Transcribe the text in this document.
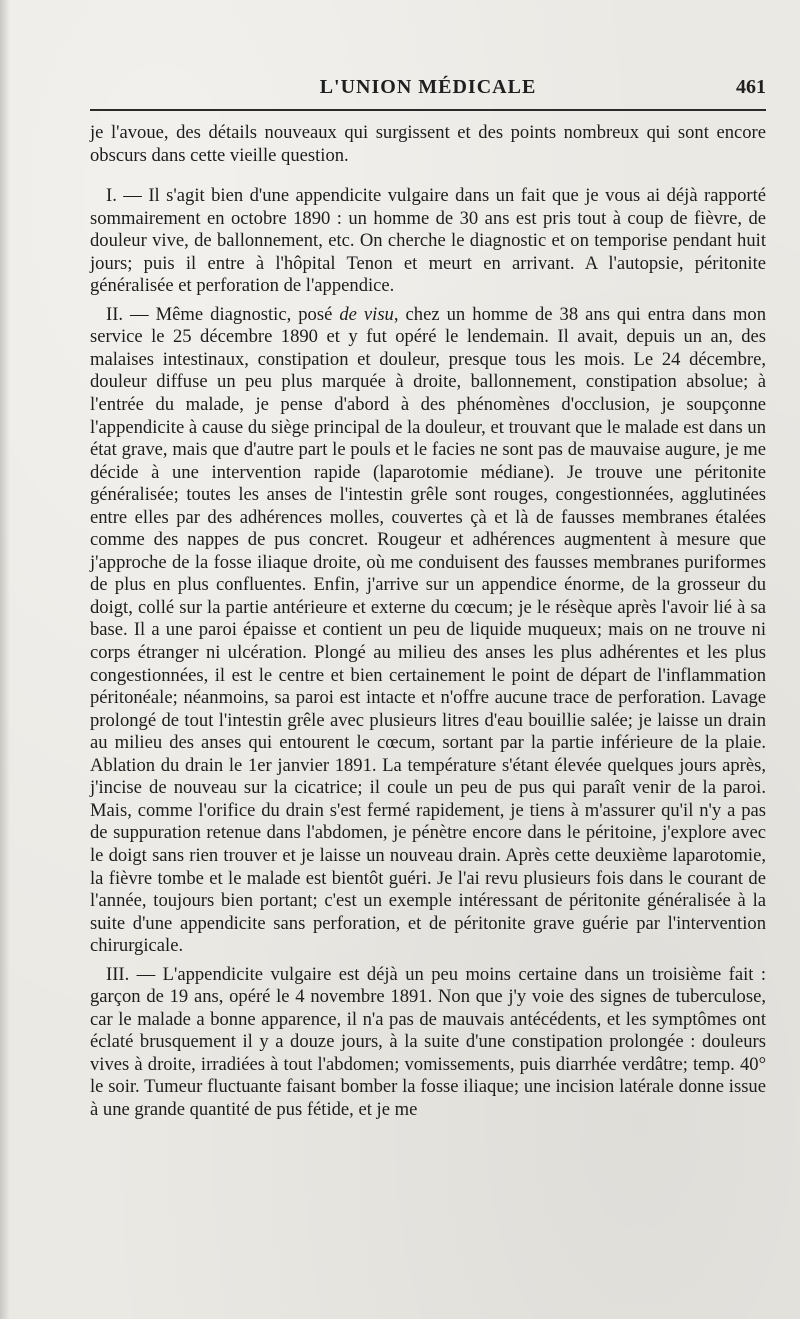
L'UNION MÉDICALE	461

je l'avoue, des détails nouveaux qui surgissent et des points nombreux qui sont encore obscurs dans cette vieille question.

I. — Il s'agit bien d'une appendicite vulgaire dans un fait que je vous ai déjà rapporté sommairement en octobre 1890 : un homme de 30 ans est pris tout à coup de fièvre, de douleur vive, de ballonnement, etc. On cherche le diagnostic et on temporise pendant huit jours; puis il entre à l'hôpital Tenon et meurt en arrivant. A l'autopsie, péritonite généralisée et perforation de l'appendice.

II. — Même diagnostic, posé de visu, chez un homme de 38 ans qui entra dans mon service le 25 décembre 1890 et y fut opéré le lendemain. Il avait, depuis un an, des malaises intestinaux, constipation et douleur, presque tous les mois. Le 24 décembre, douleur diffuse un peu plus marquée à droite, ballonnement, constipation absolue; à l'entrée du malade, je pense d'abord à des phénomènes d'occlusion, je soupçonne l'appendicite à cause du siège principal de la douleur, et trouvant que le malade est dans un état grave, mais que d'autre part le pouls et le facies ne sont pas de mauvaise augure, je me décide à une intervention rapide (laparotomie médiane). Je trouve une péritonite généralisée; toutes les anses de l'intestin grêle sont rouges, congestionnées, agglutinées entre elles par des adhérences molles, couvertes çà et là de fausses membranes étalées comme des nappes de pus concret. Rougeur et adhérences augmentent à mesure que j'approche de la fosse iliaque droite, où me conduisent des fausses membranes puriformes de plus en plus confluentes. Enfin, j'arrive sur un appendice énorme, de la grosseur du doigt, collé sur la partie antérieure et externe du cœcum; je le résèque après l'avoir lié à sa base. Il a une paroi épaisse et contient un peu de liquide muqueux; mais on ne trouve ni corps étranger ni ulcération. Plongé au milieu des anses les plus adhérentes et les plus congestionnées, il est le centre et bien certainement le point de départ de l'inflammation péritonéale; néanmoins, sa paroi est intacte et n'offre aucune trace de perforation. Lavage prolongé de tout l'intestin grêle avec plusieurs litres d'eau bouillie salée; je laisse un drain au milieu des anses qui entourent le cœcum, sortant par la partie inférieure de la plaie. Ablation du drain le 1er janvier 1891. La température s'étant élevée quelques jours après, j'incise de nouveau sur la cicatrice; il coule un peu de pus qui paraît venir de la paroi. Mais, comme l'orifice du drain s'est fermé rapidement, je tiens à m'assurer qu'il n'y a pas de suppuration retenue dans l'abdomen, je pénètre encore dans le péritoine, j'explore avec le doigt sans rien trouver et je laisse un nouveau drain. Après cette deuxième laparotomie, la fièvre tombe et le malade est bientôt guéri. Je l'ai revu plusieurs fois dans le courant de l'année, toujours bien portant; c'est un exemple intéressant de péritonite généralisée à la suite d'une appendicite sans perforation, et de péritonite grave guérie par l'intervention chirurgicale.

III. — L'appendicite vulgaire est déjà un peu moins certaine dans un troisième fait : garçon de 19 ans, opéré le 4 novembre 1891. Non que j'y voie des signes de tuberculose, car le malade a bonne apparence, il n'a pas de mauvais antécédents, et les symptômes ont éclaté brusquement il y a douze jours, à la suite d'une constipation prolongée : douleurs vives à droite, irradiées à tout l'abdomen; vomissements, puis diarrhée verdâtre; temp. 40° le soir. Tumeur fluctuante faisant bomber la fosse iliaque; une incision latérale donne issue à une grande quantité de pus fétide, et je me
